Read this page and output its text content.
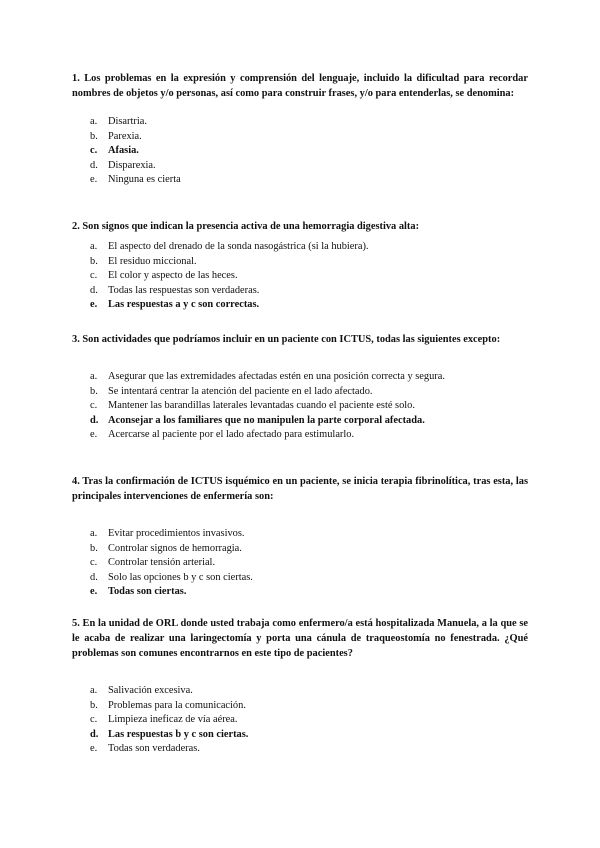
1. Los problemas en la expresión y comprensión del lenguaje, incluido la dificultad para recordar nombres de objetos y/o personas, así como para construir frases, y/o para entenderlas, se denomina:

a. Disartria.
b. Parexia.
c. Afasia.
d. Disparexia.
e. Ninguna es cierta

2. Son signos que indican la presencia activa de una hemorragia digestiva alta:

a. El aspecto del drenado de la sonda nasogástrica (si la hubiera).
b. El residuo miccional.
c. El color y aspecto de las heces.
d. Todas las respuestas son verdaderas.
e. Las respuestas a y c son correctas.

3. Son actividades que podríamos incluir en un paciente con ICTUS, todas las siguientes excepto:

a. Asegurar que las extremidades afectadas estén en una posición correcta y segura.
b. Se intentará centrar la atención del paciente en el lado afectado.
c. Mantener las barandillas laterales levantadas cuando el paciente esté solo.
d. Aconsejar a los familiares que no manipulen la parte corporal afectada.
e. Acercarse al paciente por el lado afectado para estimularlo.

4. Tras la confirmación de ICTUS isquémico en un paciente, se inicia terapia fibrinolítica, tras esta, las principales intervenciones de enfermería son:

a. Evitar procedimientos invasivos.
b. Controlar signos de hemorragia.
c. Controlar tensión arterial.
d. Solo las opciones b y c son ciertas.
e. Todas son ciertas.

5. En la unidad de ORL donde usted trabaja como enfermero/a está hospitalizada Manuela, a la que se le acaba de realizar una laringectomía y porta una cánula de traqueostomía no fenestrada. ¿Qué problemas son comunes encontrarnos en este tipo de pacientes?

a. Salivación excesiva.
b. Problemas para la comunicación.
c. Limpieza ineficaz de vía aérea.
d. Las respuestas b y c son ciertas.
e. Todas son verdaderas.
